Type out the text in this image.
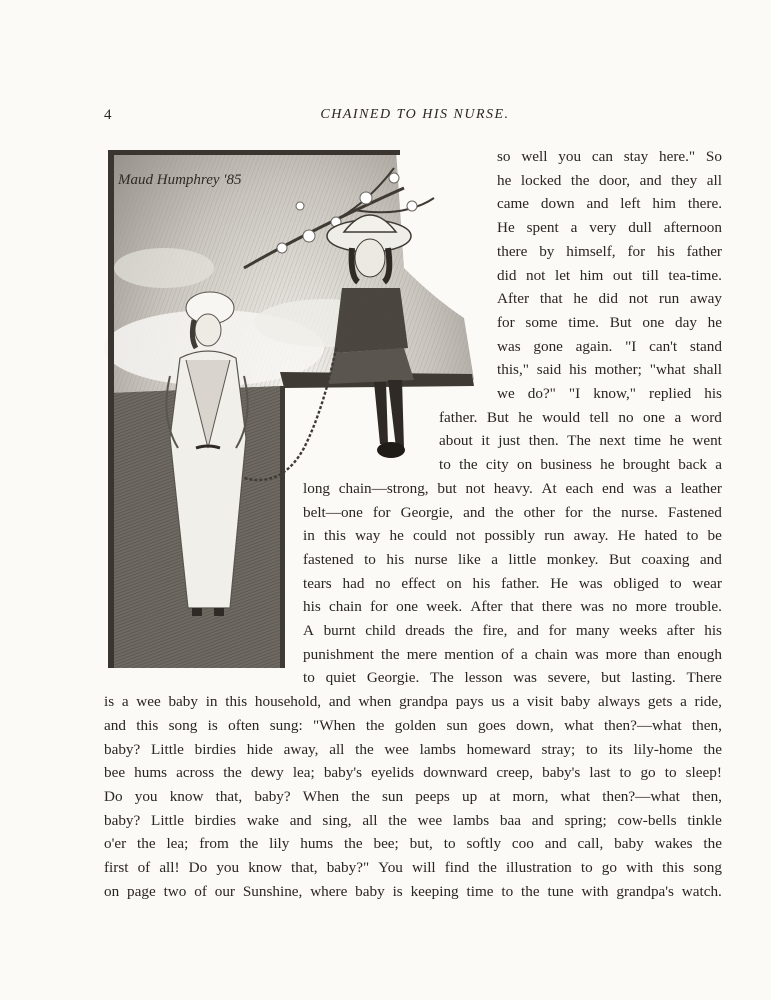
4	CHAINED TO HIS NURSE.
Maud Humphrey '85
so well you can stay here." So
he locked the door, and they all
came down and left him there.
He spent a very dull afternoon
there by himself, for his father
did not let him out till tea-time.
After that he did not run away
for some time. But one day he
was gone again. "I can't stand
this," said his mother; "what shall
we do?" "I know," replied his
father. But he would tell no one a word
about it just then. The next time he went
to the city on business he brought back a
long chain—strong, but not heavy. At each end was a leather
belt—one for Georgie, and the other for the nurse. Fastened
in this way he could not possibly run away. He hated to be
fastened to his nurse like a little monkey. But coaxing and
tears had no effect on his father. He was obliged to wear
his chain for one week. After that there was no more trouble.
A burnt child dreads the fire, and for many weeks after his
punishment the mere mention of a chain was more than enough
to quiet Georgie. The lesson was severe, but lasting. There
is a wee baby in this household, and when grandpa pays us a visit baby always gets a ride,
and this song is often sung: "When the golden sun goes down, what then?—what then,
baby? Little birdies hide away, all the wee lambs homeward stray; to its lily-home the
bee hums across the dewy lea; baby's eyelids downward creep, baby's last to go to sleep!
Do you know that, baby? When the sun peeps up at morn, what then?—what then,
baby? Little birdies wake and sing, all the wee lambs baa and spring; cow-bells tinkle
o'er the lea; from the lily hums the bee; but, to softly coo and call, baby wakes the
first of all! Do you know that, baby?" You will find the illustration to go with this song
on page two of our Sunshine, where baby is keeping time to the tune with grandpa's watch.
